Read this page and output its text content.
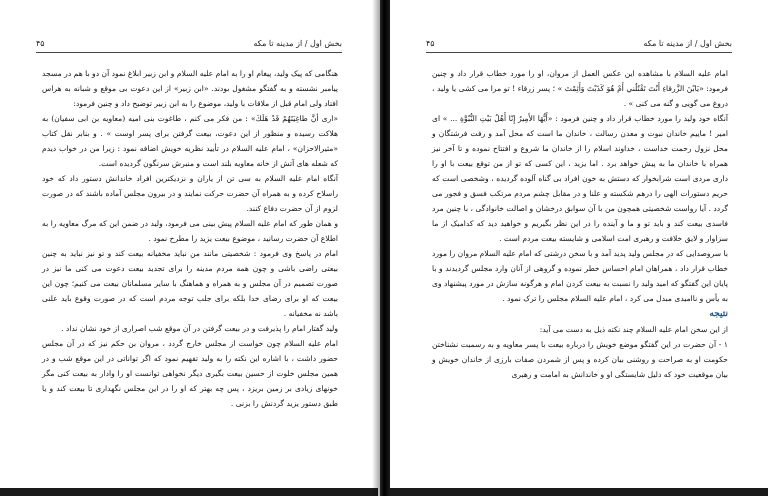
بخش اول / از مدینه تا مکه
۴۵

هنگامی که پیک ولید، پیغام او را به امام علیه السلام و ابن زبیر ابلاغ نمود آن دو با هم در مسجد پیامبر نشسته و به گفتگو مشغول بودند. «ابن زبیر» از این دعوت بی موقع و شبانه به هراس افتاد ولی امام قبل از ملاقات با ولید، موضوع را به ابن زبیر توضیح داد و چنین فرمود:

«اری أنَّ طاغِيَتَهُمْ قَدْ هَلَكَ» : من فکر می کنم ، طاغوت بنی امیه (معاویه بن ابی سفیان) به هلاکت رسیده و منظور از این دعوت، بیعت گرفتن برای پسر اوست » . و بنابر نقل کتاب «مثیرالاحزان» ، امام علیه السلام در تأیید نظریه خویش اضافه نمود : زیرا من در خواب دیدم که شعله های آتش از خانه معاویه بلند است و منبرش سرنگون گردیده است.

آنگاه امام علیه السلام به سی تن از یاران و نزدیکترین افراد خاندانش دستور داد که خود راسلاح کرده و به همراه آن حضرت حرکت نمایند و در بیرون مجلس آماده باشند که در صورت لزوم از آن حضرت دفاع کنند.

و همان طور که امام علیه السلام پیش بینی می فرمود، ولید در ضمن این که مرگ معاویه را به اطلاع آن حضرت رسانید ، موضوع بیعت یزید را مطرح نمود .

امام در پاسخ وی فرمود : شخصیتی مانند من نباید مخفیانه بیعت کند و تو نیز نباید به چنین بیعتی راضی باشی و چون همه مردم مدینه را برای تجدید بیعت دعوت می کنی ما نیز در صورت تصمیم در آن مجلس و به همراه و هماهنگ با سایر مسلمانان بیعت می کنیم؛ چون این بیعت که او برای رضای خدا بلکه برای جلب توجه مردم است که در صورت وقوع باید علنی باشد نه مخفیانه .

ولید گفتار امام را پذیرفت و در بیعت گرفتن در آن موقع شب اصراری از خود نشان نداد .

امام علیه السلام چون خواست از مجلس خارج گردد ، مروان بن حکم نیز که در آن مجلس حضور داشت ، با اشاره این نکته را به ولید تفهیم نمود که اگر تواناتی در این موقع شب و در همین مجلس خلوت از حسین بیعت بگیری دیگر نخواهی توانست او را وادار به بیعت کنی مگر خونهای زیادی بر زمین بریزد ، پس چه بهتر که او را در این مجلس نگهداری تا بیعت کند و یا طبق دستور یزید گردنش را بزنی .

بخش اول / از مدینه تا مکه
۴۵

امام علیه السلام با مشاهده این عکس العمل از مروان، او را مورد خطاب قرار داد و چنین فرمود: «يَابْنَ الزَّرقاءِ أَنْتَ تَقْتُلُني أَمْ هُوَ كَذَبْتَ وَأَثِمْتَ » ؛ پسر زرقاء ! تو مرا می کشی یا ولید ، دروغ می گویی و گنه می کنی » .

آنگاه خود ولید را مورد خطاب قرار داد و چنین فرمود : «أَيُّهَا الأَمِيرُ إِنّا أَهْلُ بَيْتِ النُّبُوَّةِ ... » ای امیر ! ماییم خاندان نبوت و معدن رسالت ، خاندان ما است که محل آمد و رفت فرشتگان و محل نزول رحمت خداست ، خداوند اسلام را از خاندان ما شروع و افتتاح نموده و تا آخر نیز همراه با خاندان ما به پیش خواهد برد . اما یزید ، این کسی که تو از من توقع بیعت با او را داری مردی است شرابخوار که دستش به خون افراد بی گناه آلوده گردیده ، وشخصی است که حریم دستورات الهی را درهم شکسته و علنا و در مقابل چشم مردم مرتکب فسق و فجور می گردد . آیا رواست شخصیتی همچون من با آن سوابق درخشان و اصالت خانوادگی ، با چنین مرد فاسدی بیعت کند و باید تو و ما و آینده را در این نظر بگیریم و خواهید دید که کدامیک از ما سزاوار و لایق خلافت و رهبری امت اسلامی و شایسته بیعت مردم است .

با سروصدایی که در مجلس ولید پدید آمد و با سخن درشتی که امام علیه السلام مروان را مورد خطاب قرار داد ، همراهان امام احساس خطر نموده و گروهی از آنان وارد مجلس گردیدند و با پایان این گفتگو که امید ولید را نسبت به بیعت کردن امام و هرگونه سازش در مورد پیشنهاد وی به یأس و ناامیدی مبدل می کرد ، امام علیه السلام مجلس را ترک نمود .

نتیجه

از این سخن امام علیه السلام چند نکته ذیل به دست می آید:

۱ - آن حضرت در این گفتگو موضع خویش را درباره بیعت با پسر معاویه و به رسمیت نشناختن حکومت او به صراحت و روشنی بیان کرده و پس از شمردن صفات بارزی از خاندان خویش و بیان موقعیت خود که دلیل شایستگی او و خاندانش به امامت و رهبری
